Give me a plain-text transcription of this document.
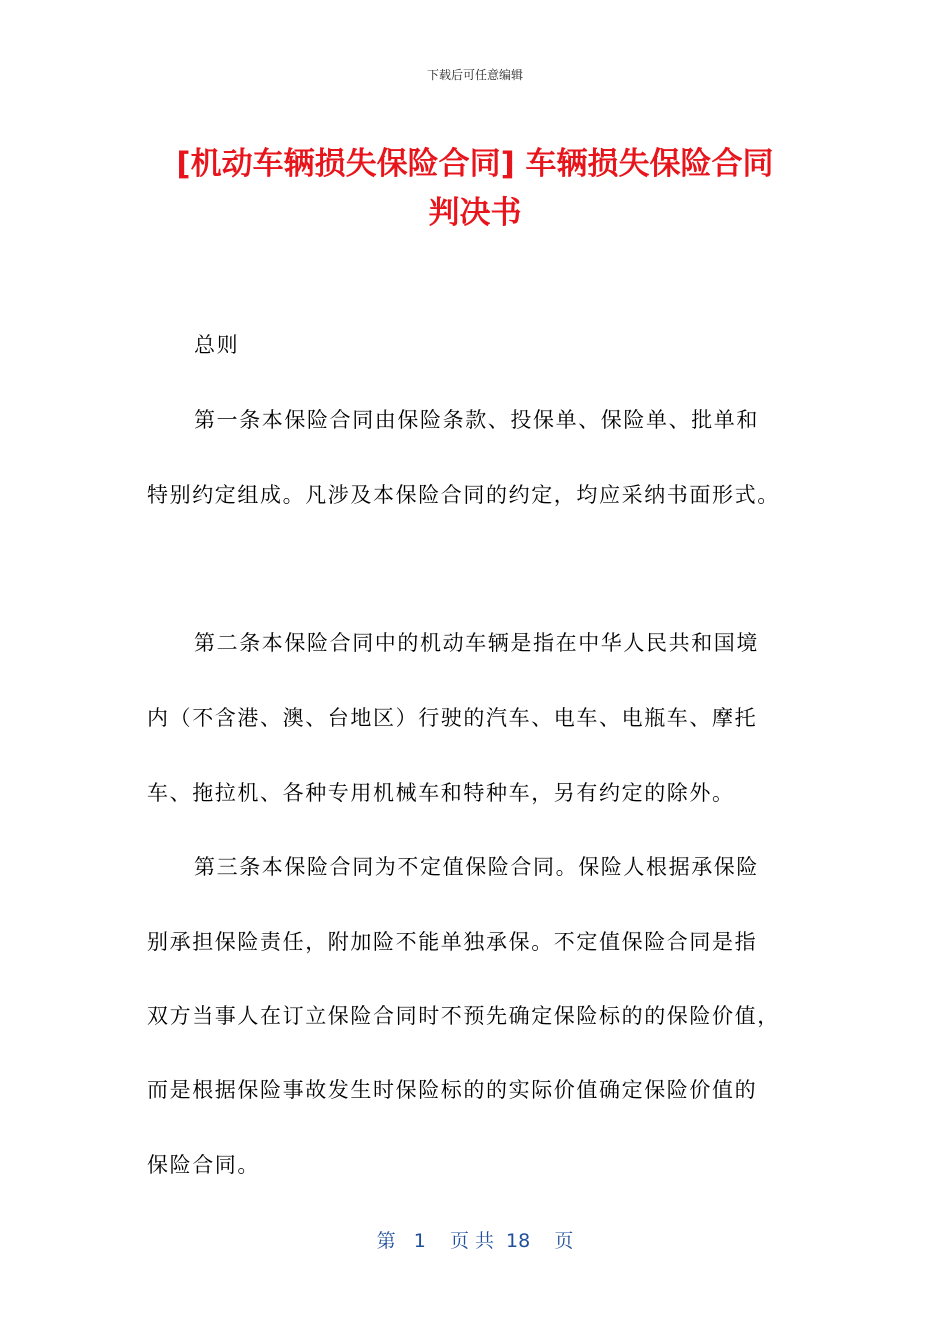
下载后可任意编辑
[机动车辆损失保险合同] 车辆损失保险合同
判决书
总则
第一条本保险合同由保险条款、投保单、保险单、批单和
特别约定组成。凡涉及本保险合同的约定，均应采纳书面形式。
第二条本保险合同中的机动车辆是指在中华人民共和国境
内（不含港、澳、台地区）行驶的汽车、电车、电瓶车、摩托
车、拖拉机、各种专用机械车和特种车，另有约定的除外。
第三条本保险合同为不定值保险合同。保险人根据承保险
别承担保险责任，附加险不能单独承保。不定值保险合同是指
双方当事人在订立保险合同时不预先确定保险标的的保险价值，
而是根据保险事故发生时保险标的的实际价值确定保险价值的
保险合同。
第   1    页 共  18    页
